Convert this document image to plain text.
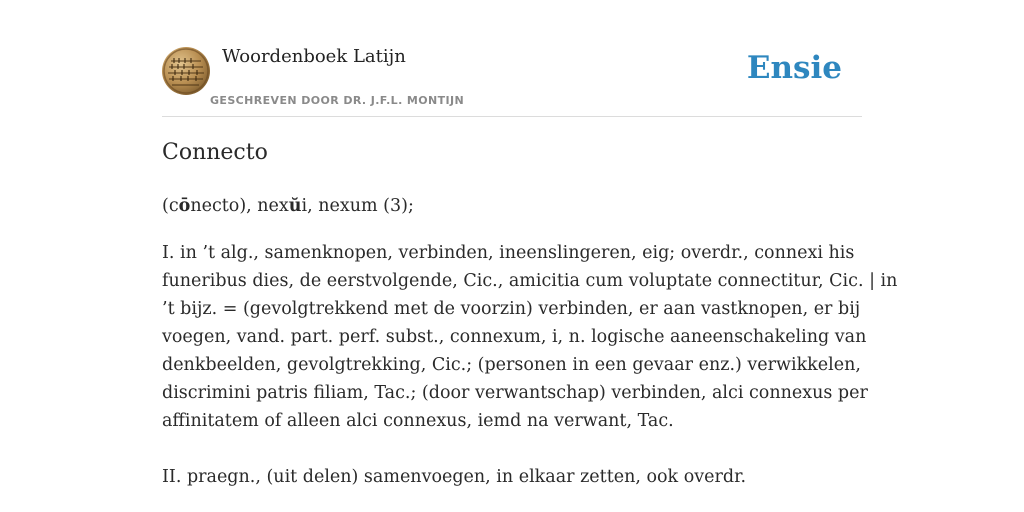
Woordenboek Latijn
GESCHREVEN DOOR DR. J.F.L. MONTIJN
Ensie
Connecto
(cōnecto), nexŭi, nexum (3);
I. in ’t alg., samenknopen, verbinden, ineenslingeren, eig; overdr., connexi his
funeribus dies, de eerstvolgende, Cic., amicitia cum voluptate connectitur, Cic. | in
’t bijz. = (gevolgtrekkend met de voorzin) verbinden, er aan vastknopen, er bij
voegen, vand. part. perf. subst., connexum, i, n. logische aaneenschakeling van
denkbeelden, gevolgtrekking, Cic.; (personen in een gevaar enz.) verwikkelen,
discrimini patris filiam, Tac.; (door verwantschap) verbinden, alci connexus per
affinitatem of alleen alci connexus, iemd na verwant, Tac.
II. praegn., (uit delen) samenvoegen, in elkaar zetten, ook overdr.
